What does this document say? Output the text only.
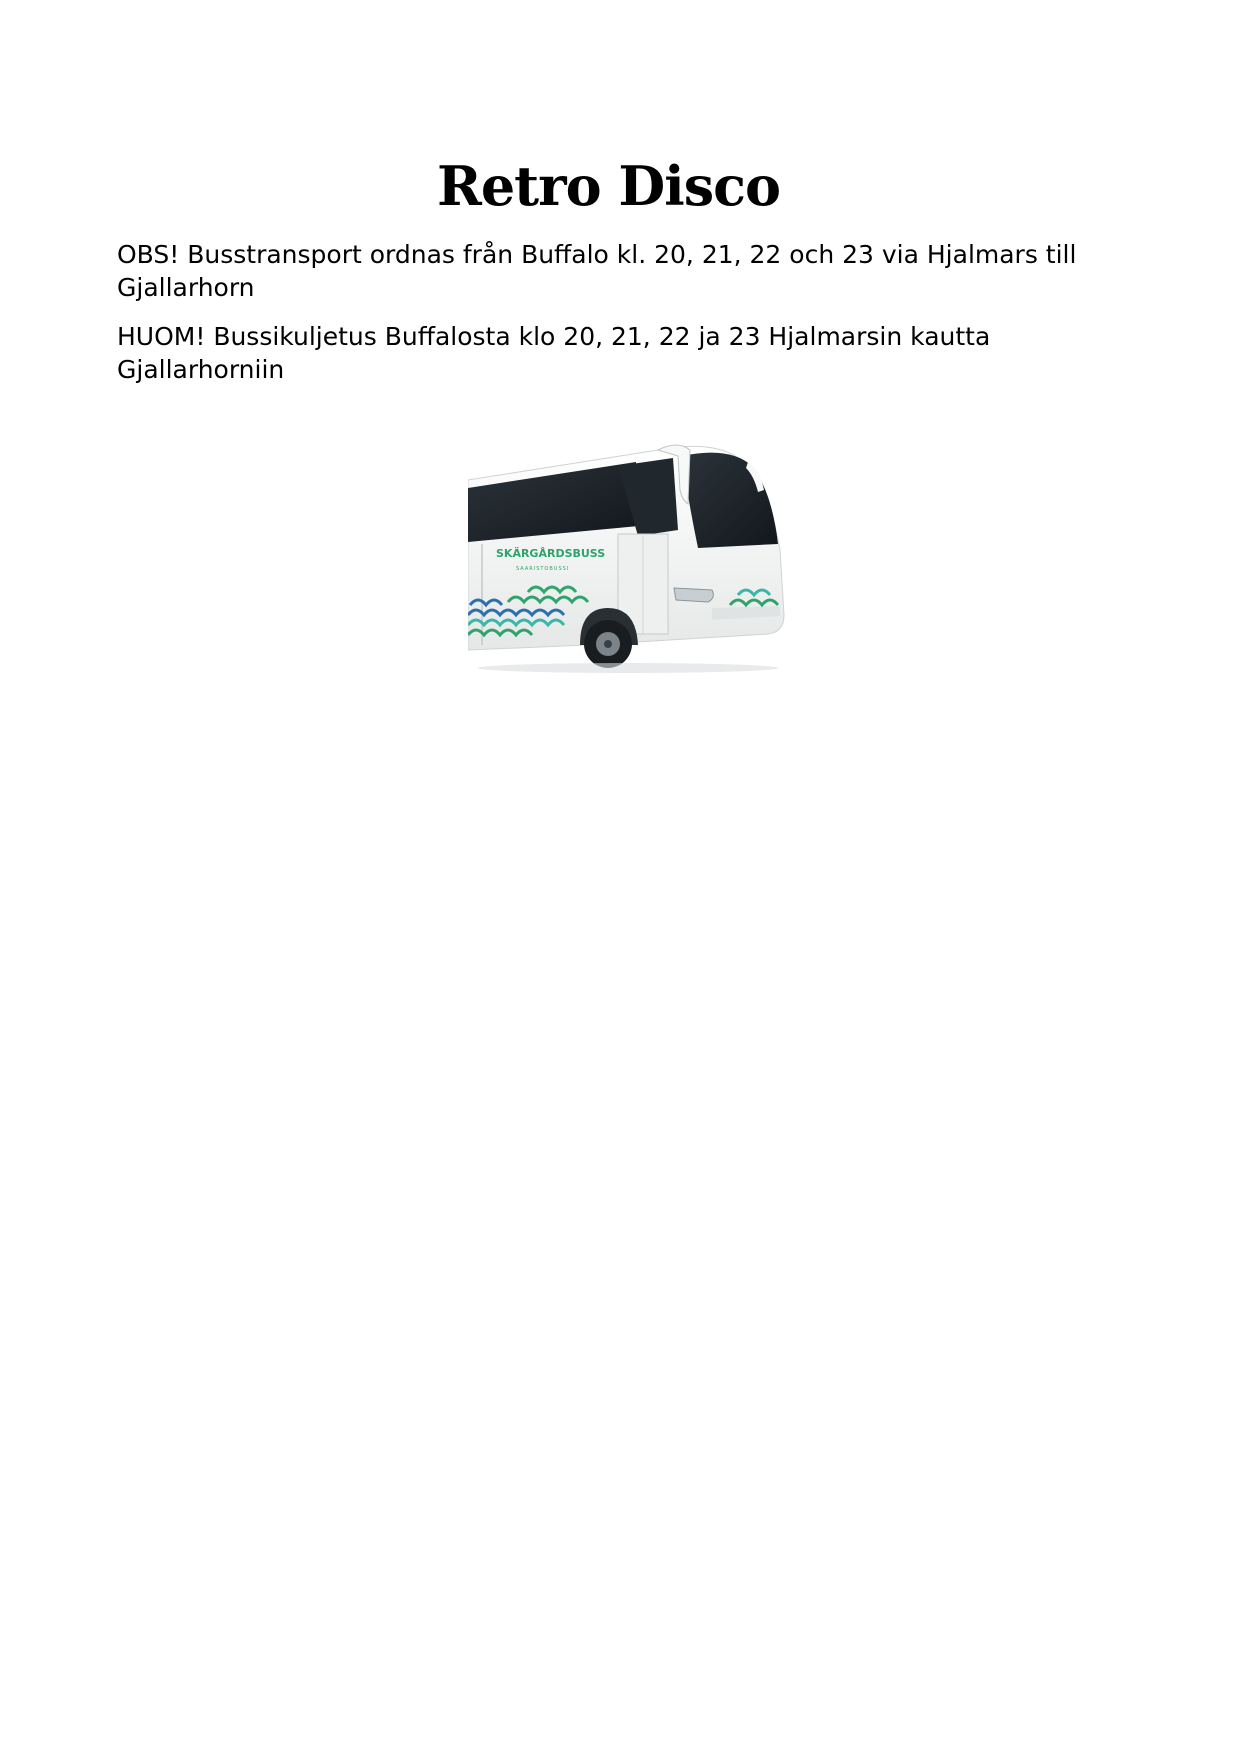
Retro Disco

OBS! Busstransport ordnas från Buffalo kl. 20, 21, 22 och 23 via Hjalmars till
Gjallarhorn

HUOM! Bussikuljetus Buffalosta klo 20, 21, 22 ja 23 Hjalmarsin kautta
Gjallarhorniin

SKÄRGÅRDSBUSS
SAARISTOBUSSI
